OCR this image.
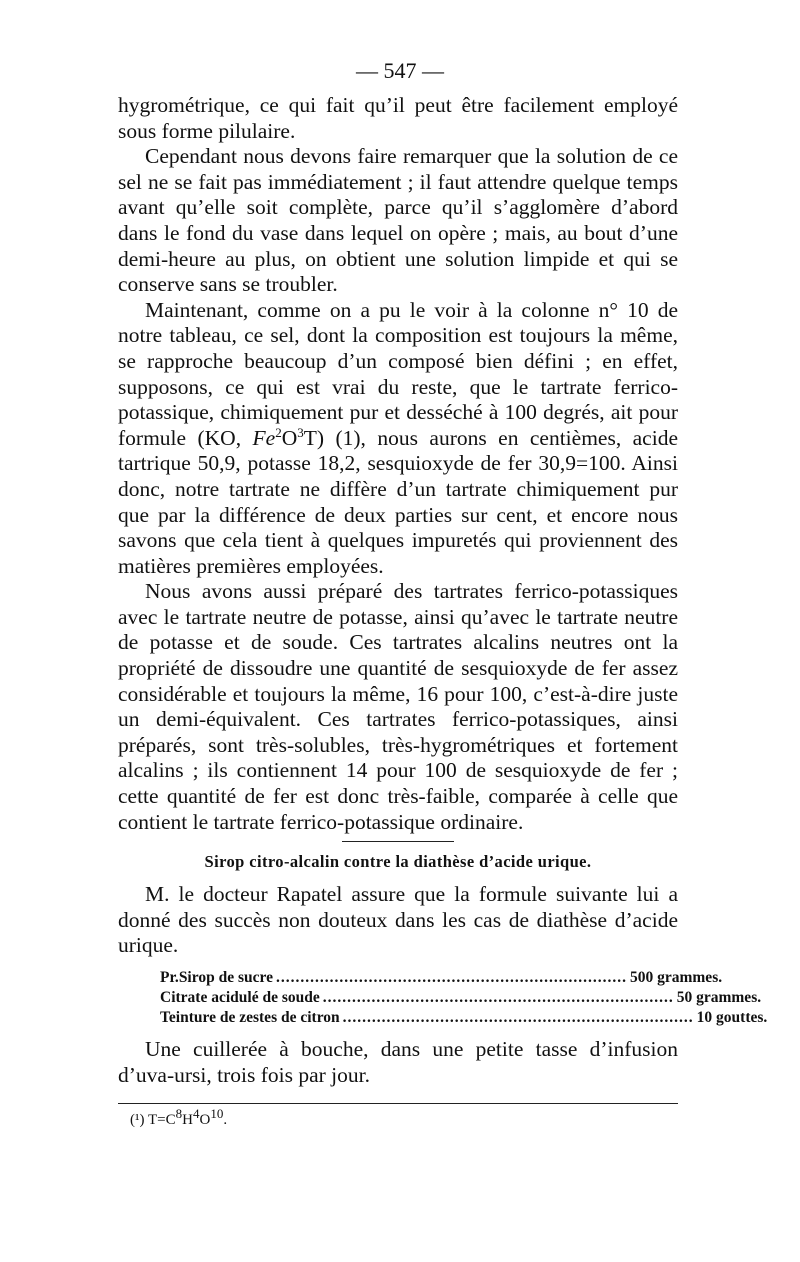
— 547 —

hygrométrique, ce qui fait qu’il peut être facilement employé sous forme pilulaire.

Cependant nous devons faire remarquer que la solution de ce sel ne se fait pas immédiatement ; il faut attendre quelque temps avant qu’elle soit complète, parce qu’il s’agglomère d’abord dans le fond du vase dans lequel on opère ; mais, au bout d’une demi-heure au plus, on obtient une solution limpide et qui se conserve sans se troubler.

Maintenant, comme on a pu le voir à la colonne n° 10 de notre tableau, ce sel, dont la composition est toujours la même, se rapproche beaucoup d’un composé bien défini ; en effet, supposons, ce qui est vrai du reste, que le tartrate ferrico-potassique, chimiquement pur et desséché à 100 degrés, ait pour formule (KO, $Fe^2O^3T$) (1), nous aurons en centièmes, acide tartrique 50,9, potasse 18,2, sesquioxyde de fer 30,9=100. Ainsi donc, notre tartrate ne diffère d’un tartrate chimiquement pur que par la différence de deux parties sur cent, et encore nous savons que cela tient à quelques impuretés qui proviennent des matières premières employées.

Nous avons aussi préparé des tartrates ferrico-potassiques avec le tartrate neutre de potasse, ainsi qu’avec le tartrate neutre de potasse et de soude. Ces tartrates alcalins neutres ont la propriété de dissoudre une quantité de sesquioxyde de fer assez considérable et toujours la même, 16 pour 100, c’est-à-dire juste un demi-équivalent. Ces tartrates ferrico-potassiques, ainsi préparés, sont très-solubles, très-hygrométriques et fortement alcalins ; ils contiennent 14 pour 100 de sesquioxyde de fer ; cette quantité de fer est donc très-faible, comparée à celle que contient le tartrate ferrico-potassique ordinaire.

Sirop citro-alcalin contre la diathèse d’acide urique.

M. le docteur Rapatel assure que la formule suivante lui a donné des succès non douteux dans les cas de diathèse d’acide urique.

Pr. Sirop de sucre ........................................................................ 500 grammes.
Citrate acidulé de soude ........................................................................ 50 grammes.
Teinture de zestes de citron ........................................................................ 10 gouttes.

Une cuillerée à bouche, dans une petite tasse d’infusion d’uva-ursi, trois fois par jour.

(¹) $T=C^8H^4O^{10}$.
